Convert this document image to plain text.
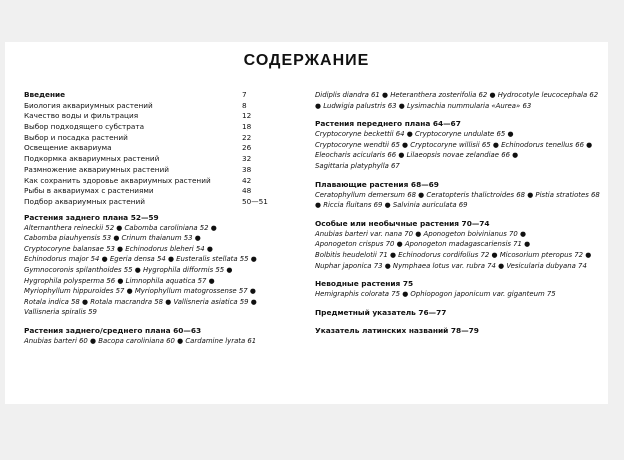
СОДЕРЖАНИЕ
Введение	7
Биология аквариумных растений	8
Качество воды и фильтрация	12
Выбор подходящего субстрата	18
Выбор и посадка растений	22
Освещение аквариума	26
Подкормка аквариумных растений	32
Размножение аквариумных растений	38
Как сохранить здоровье аквариумных растений	42
Рыбы в аквариумах с растениями	48
Подбор аквариумных растений	50—51

Растения заднего плана 52—59

Alternanthera reineckii 52 ● Cabomba caroliniana 52 ● Cabomba piauhyensis 53 ● Crinum thaianum 53 ● Cryptocoryne balansae 53 ● Echinodorus bleheri 54 ● Echinodorus major 54 ● Egeria densa 54 ● Eusteralis stellata 55 ● Gymnocoronis spilanthoides 55 ● Hygrophila difformis 55 ● Hygrophila polysperma 56 ● Limnophila aquatica 57 ● Myriophyllum hippuroides 57 ● Myriophyllum matogrossense 57 ● Rotala indica 58 ● Rotala macrandra 58 ● Vallisneria asiatica 59 ● Vallisneria spiralis 59

Растения заднего/среднего плана 60—63

Anubias barteri 60 ● Bacopa caroliniana 60 ● Cardamine lyrata 61

Didiplis diandra 61 ● Heteranthera zosterifolia 62 ● Hydrocotyle leucocephala 62 ● Ludwigia palustris 63 ● Lysimachia nummularia «Aurea» 63

Растения переднего плана 64—67

Cryptocoryne beckettii 64 ● Cryptocoryne undulate 65 ● Cryptocoryne wendtii 65 ● Cryptocoryne willisii 65 ● Echinodorus tenellus 66 ● Eleocharis acicularis 66 ● Lilaeopsis novae zelandiae 66 ● Sagittaria platyphylla 67

Плавающие растения 68—69

Ceratophyllum demersum 68 ● Ceratopteris thalictroides 68 ● Pistia stratiotes 68 ● Riccia fluitans 69 ● Salvinia auriculata 69

Особые или необычные растения 70—74

Anubias barteri var. nana 70 ● Aponogeton boivinianus 70 ● Aponogeton crispus 70 ● Aponogeton madagascariensis 71 ● Bolbitis heudelotii 71 ● Echinodorus cordifolius 72 ● Micosorium pteropus 72 ● Nuphar japonica 73 ● Nymphaea lotus var. rubra 74 ● Vesicularia dubyana 74

Неводные растения 75

Hemigraphis colorata 75 ● Ophiopogon japonicum var. giganteum 75

Предметный указатель 76—77

Указатель латинских названий 78—79
